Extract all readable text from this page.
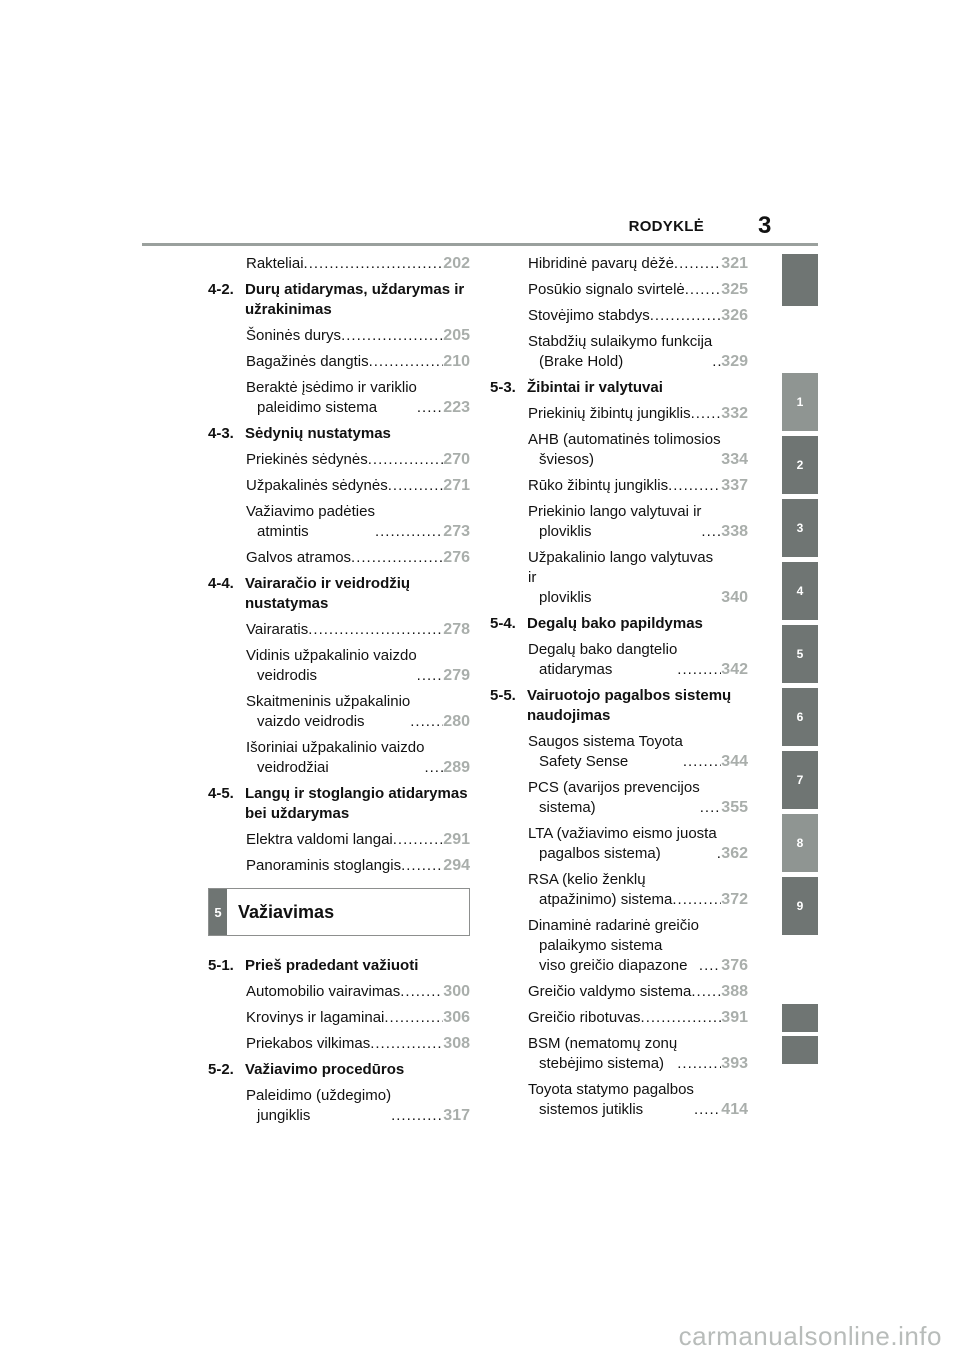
RODYKLĖ 3
Rakteliai .....	202
4-2. Durų atidarymas, uždarymas ir užrakinimas
Šoninės durys .....	205
Bagažinės dangtis .....	210
Beraktė įsėdimo ir variklio
paleidimo sistema .....	223
4-3. Sėdynių nustatymas
Priekinės sėdynės .....	270
Užpakalinės sėdynės .....	271
Važiavimo padėties
atmintis .....	273
Galvos atramos .....	276
4-4. Vairaračio ir veidrodžių nustatymas
Vairaratis .....	278
Vidinis užpakalinio vaizdo
veidrodis .....	279
Skaitmeninis užpakalinio
vaizdo veidrodis .....	280
Išoriniai užpakalinio vaizdo
veidrodžiai .....	289
4-5. Langų ir stoglangio atidarymas bei uždarymas
Elektra valdomi langai .....	291
Panoraminis stoglangis .....	294
5 Važiavimas
5-1. Prieš pradedant važiuoti
Automobilio vairavimas .....	300
Krovinys ir lagaminai .....	306
Priekabos vilkimas .....	308
5-2. Važiavimo procedūros
Paleidimo (uždegimo)
jungiklis .....	317
Hibridinė pavarų dėžė .....	321
Posūkio signalo svirtelė ..... 325
Stovėjimo stabdys .....	326
Stabdžių sulaikymo funkcija
(Brake Hold) .....	329
5-3. Žibintai ir valytuvai
Priekinių žibintų jungiklis ..... 332
AHB (automatinės tolimosios
šviesos) .....	334
Rūko žibintų jungiklis .....	337
Priekinio lango valytuvai ir
ploviklis .....	338
Užpakalinio lango valytuvas ir
ploviklis	340
5-4. Degalų bako papildymas
Degalų bako dangtelio
atidarymas .....	342
5-5. Vairuotojo pagalbos sistemų naudojimas
Saugos sistema Toyota
Safety Sense .....	344
PCS (avarijos prevencijos
sistema) .....	355
LTA (važiavimo eismo juosta
pagalbos sistema) .....	362
RSA (kelio ženklų
atpažinimo) sistema .....	372
Dinaminė radarinė greičio
palaikymo sistema
viso greičio diapazone .....	376
Greičio valdymo sistema ..... 388
Greičio ribotuvas .....	391
BSM (nematomų zonų
stebėjimo sistema) .....	393
Toyota statymo pagalbos
sistemos jutiklis .....	414
1
2
3
4
5
6
7
8
9
carmanualsonline.info
